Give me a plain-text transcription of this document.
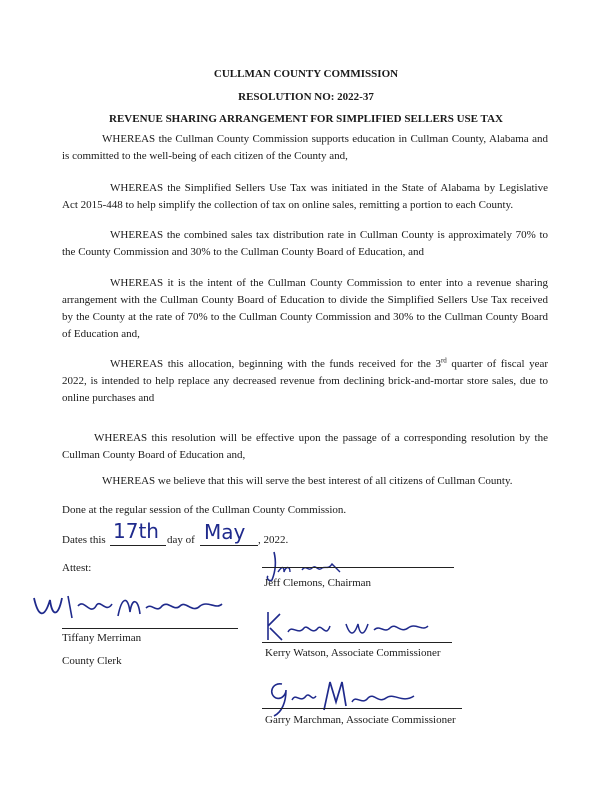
CULLMAN COUNTY COMMISSION

RESOLUTION NO: 2022-37

REVENUE SHARING ARRANGEMENT FOR SIMPLIFIED SELLERS USE TAX

WHEREAS the Cullman County Commission supports education in Cullman County, Alabama and is committed to the well-being of each citizen of the County and,

WHEREAS the Simplified Sellers Use Tax was initiated in the State of Alabama by Legislative Act 2015-448 to help simplify the collection of tax on online sales, remitting a portion to each County.

WHEREAS the combined sales tax distribution rate in Cullman County is approximately 70% to the County Commission and 30% to the Cullman County Board of Education, and

WHEREAS it is the intent of the Cullman County Commission to enter into a revenue sharing arrangement with the Cullman County Board of Education to divide the Simplified Sellers Use Tax received by the County at the rate of 70% to the Cullman County Commission and 30% to the Cullman County Board of Education and,

WHEREAS this allocation, beginning with the funds received for the 3rd quarter of fiscal year 2022, is intended to help replace any decreased revenue from declining brick-and-mortar store sales, due to online purchases and

WHEREAS this resolution will be effective upon the passage of a corresponding resolution by the Cullman County Board of Education and,

WHEREAS we believe that this will serve the best interest of all citizens of Cullman County.

Done at the regular session of the Cullman County Commission.

Dates this 17th day of May , 2022.

Attest:

Jeff Clemons, Chairman

Tiffany Merriman

County Clerk

Kerry Watson, Associate Commissioner

Garry Marchman, Associate Commissioner
